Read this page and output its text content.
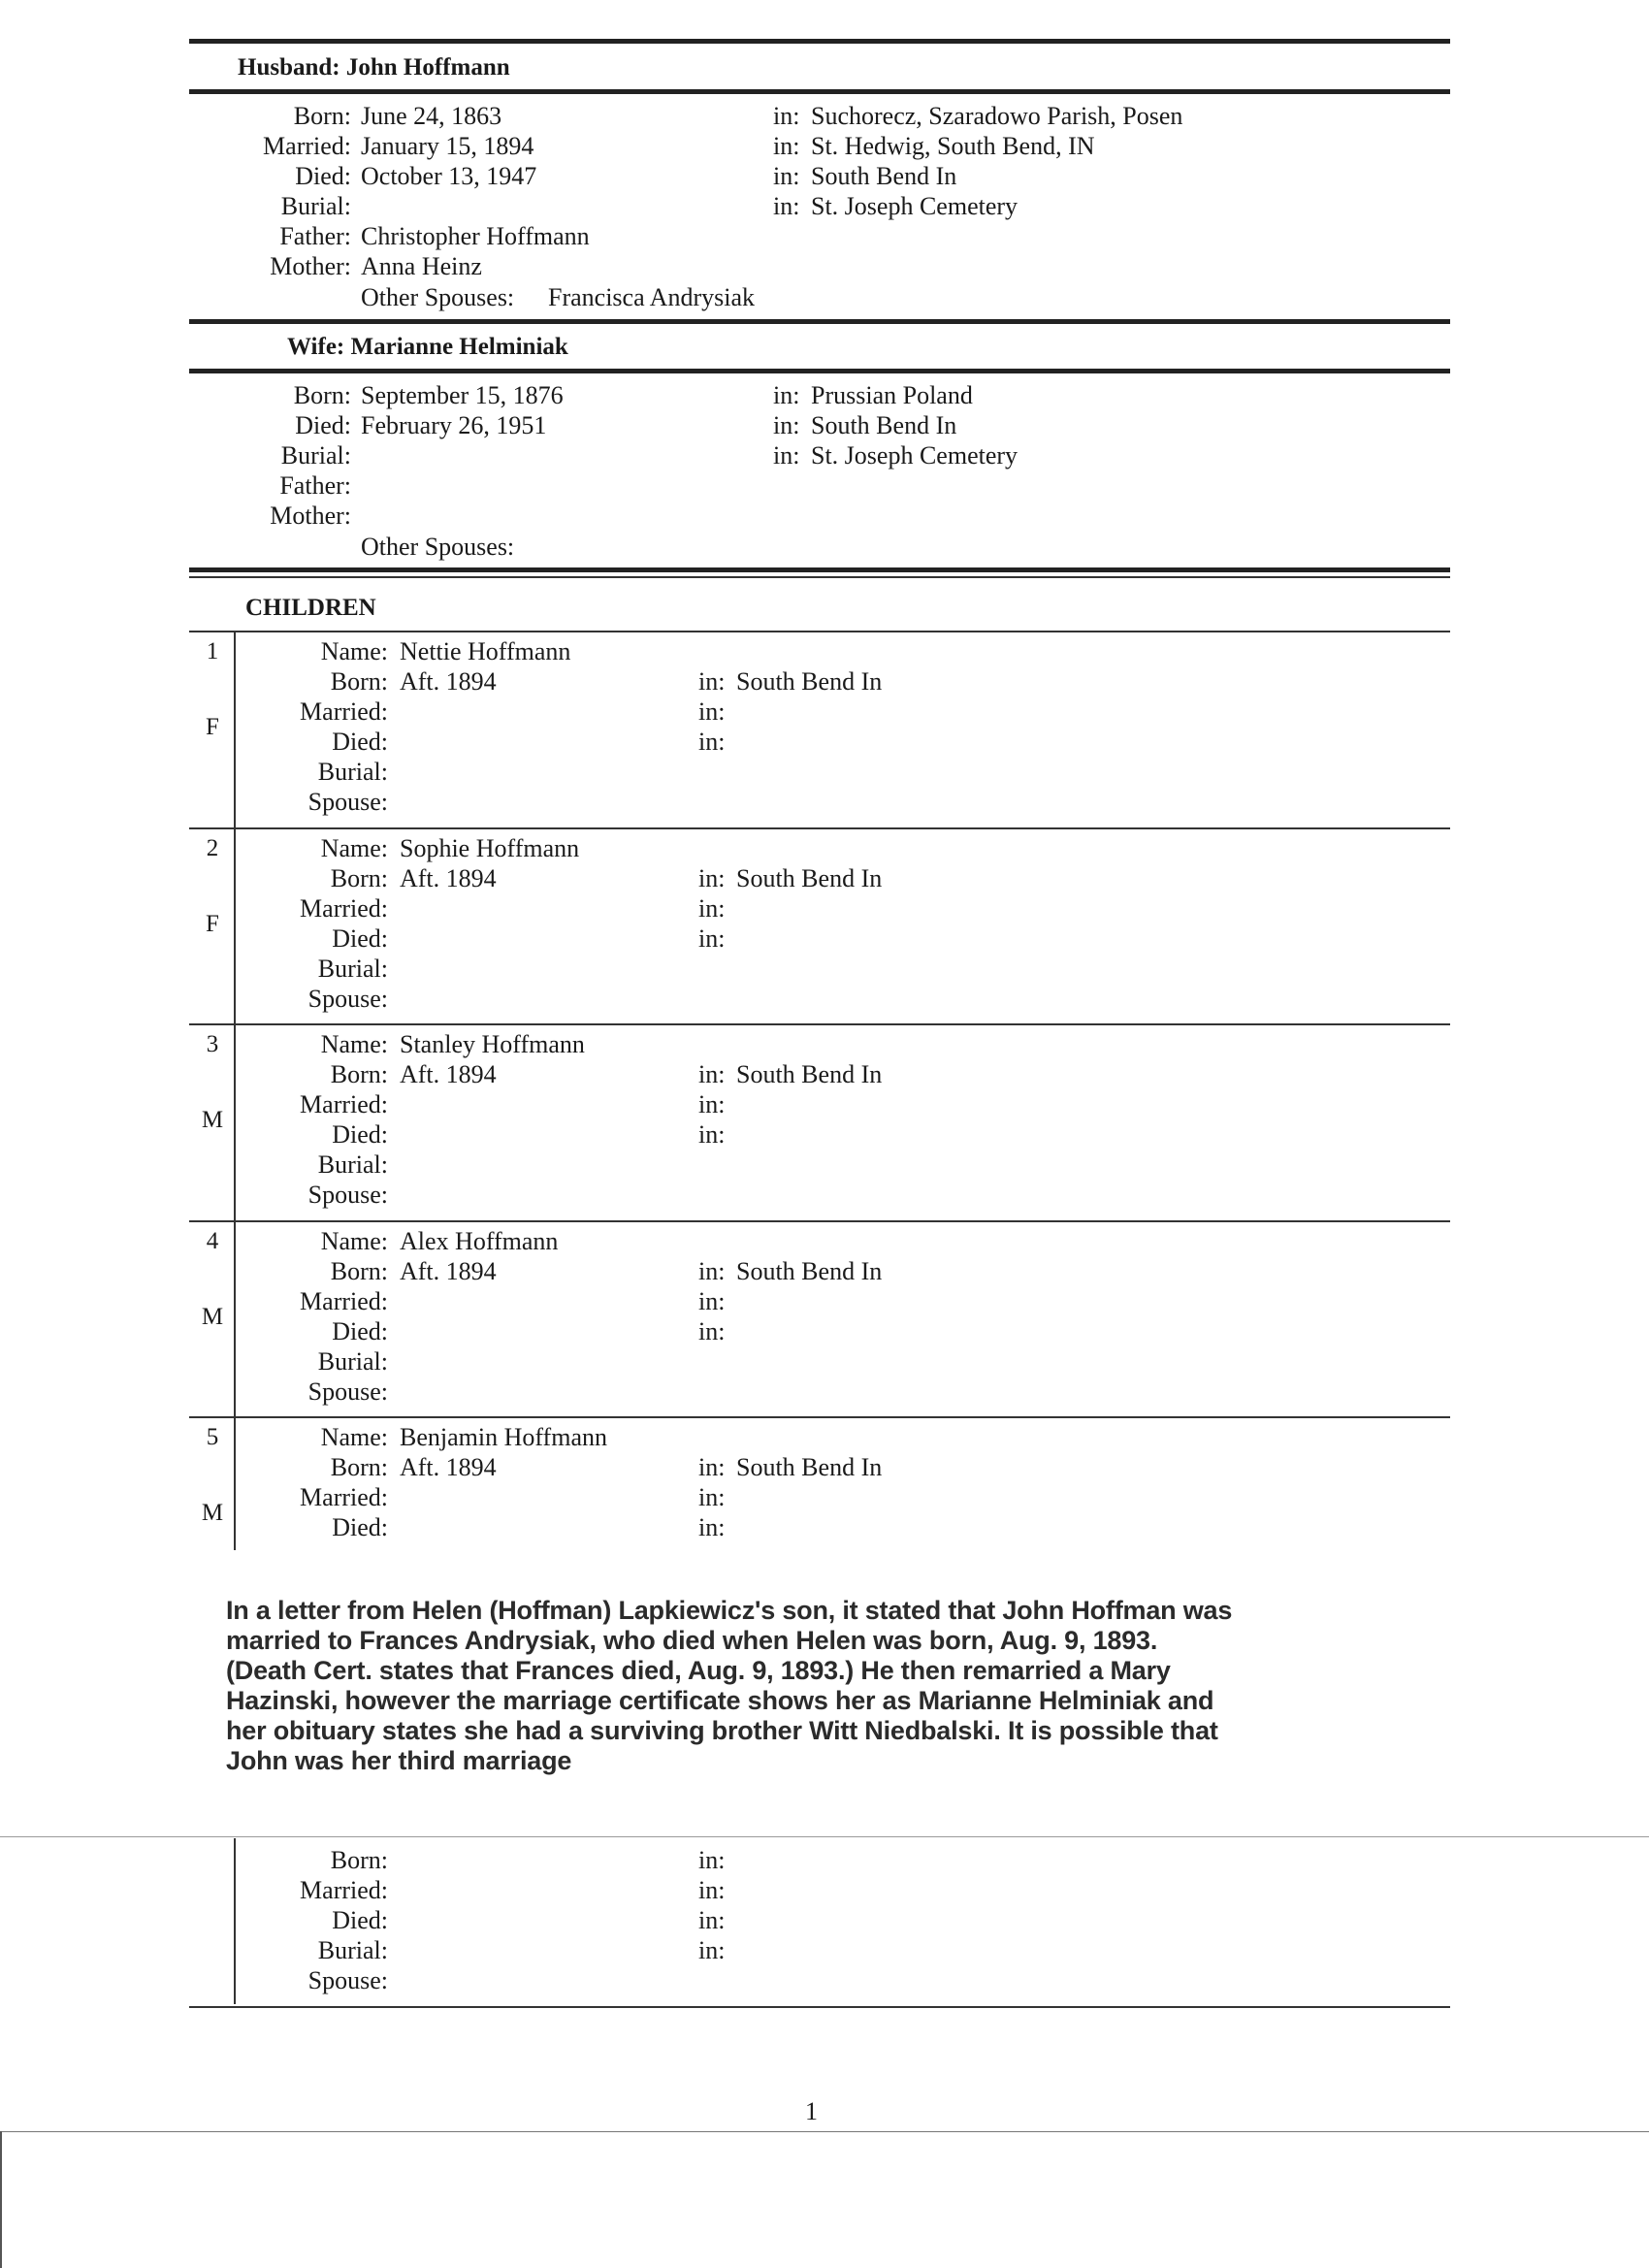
Husband: John Hoffmann
Born: June 24, 1863	in: Suchorecz, Szaradowo Parish, Posen
Married: January 15, 1894	in: St. Hedwig, South Bend, IN
Died: October 13, 1947	in: South Bend In
Burial:	in: St. Joseph Cemetery
Father: Christopher Hoffmann
Mother: Anna Heinz
Other Spouses: Francisca Andrysiak
Wife: Marianne Helminiak
Born: September 15, 1876	in: Prussian Poland
Died: February 26, 1951	in: South Bend In
Burial:	in: St. Joseph Cemetery
Father:
Mother:
Other Spouses:
CHILDREN
1
F
Name: Nettie Hoffmann
Born: Aft. 1894	in: South Bend In
Married:	in:
Died:	in:
Burial:
Spouse:
2
F
Name: Sophie Hoffmann
Born: Aft. 1894	in: South Bend In
Married:	in:
Died:	in:
Burial:
Spouse:
3
M
Name: Stanley Hoffmann
Born: Aft. 1894	in: South Bend In
Married:	in:
Died:	in:
Burial:
Spouse:
4
M
Name: Alex Hoffmann
Born: Aft. 1894	in: South Bend In
Married:	in:
Died:	in:
Burial:
Spouse:
5
M
Name: Benjamin Hoffmann
Born: Aft. 1894	in: South Bend In
Married:	in:
Died:	in:
In a letter from Helen (Hoffman) Lapkiewicz's son, it stated that John Hoffman was
married to Frances Andrysiak, who died when Helen was born, Aug. 9, 1893.
(Death Cert. states that Frances died, Aug. 9, 1893.) He then remarried a Mary
Hazinski, however the marriage certificate shows her as Marianne Helminiak and
her obituary states she had a surviving brother Witt Niedbalski. It is possible that
John was her third marriage
Born:	in:
Married:	in:
Died:	in:
Burial:	in:
Spouse:
1
